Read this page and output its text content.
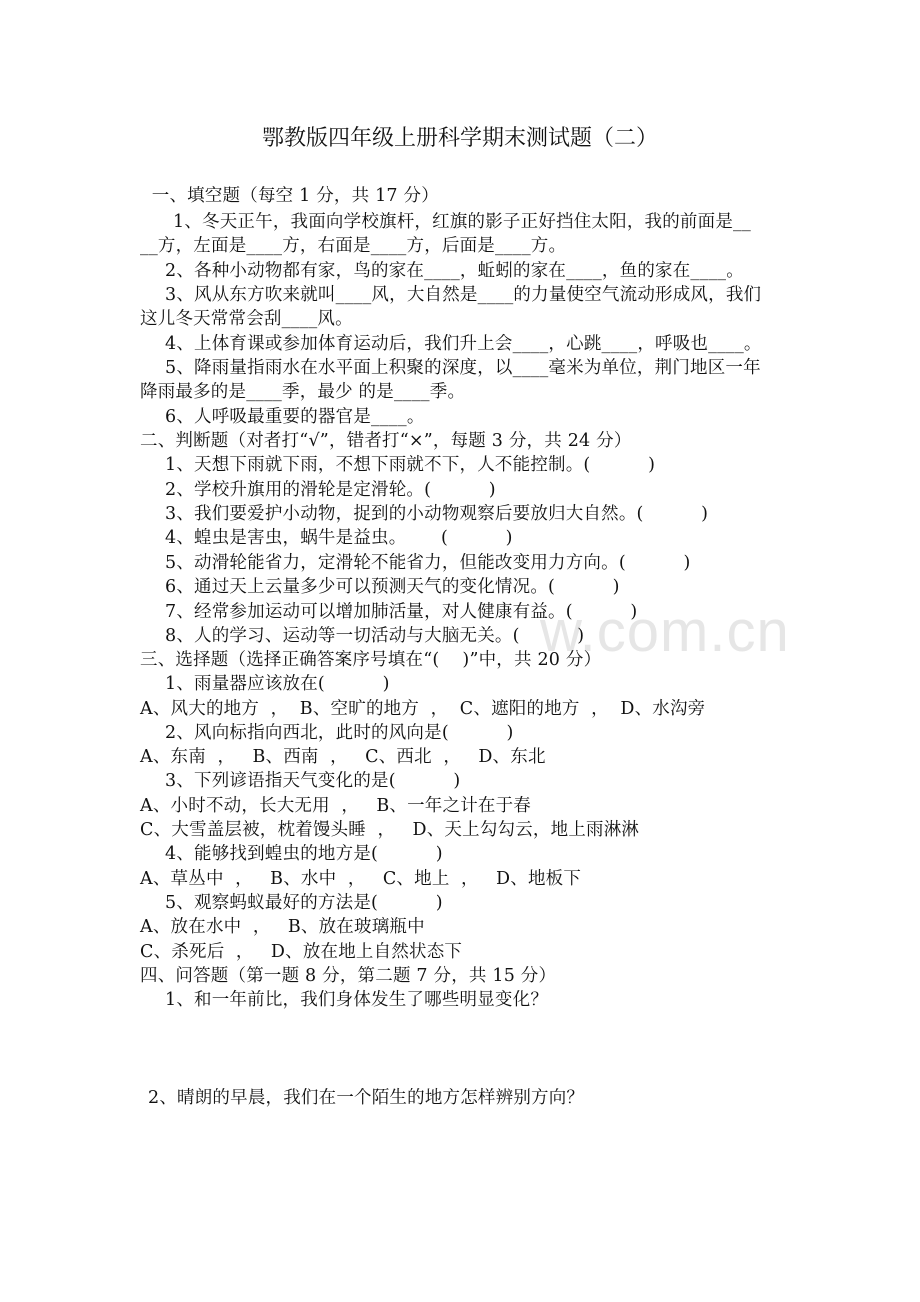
w.com.cn
鄂教版四年级上册科学期末测试题（二）
一、填空题（每空 1 分，共 17 分）
1、冬天正午，我面向学校旗杆，红旗的影子正好挡住太阳，我的前面是__
__方，左面是____方，右面是____方，后面是____方。
2、各种小动物都有家，鸟的家在____，蚯蚓的家在____，鱼的家在____。
3、风从东方吹来就叫____风，大自然是____的力量使空气流动形成风，我们
这儿冬天常常会刮____风。
4、上体育课或参加体育运动后，我们升上会____，心跳____，呼吸也____。
5、降雨量指雨水在水平面上积聚的深度，以____毫米为单位，荆门地区一年
降雨最多的是____季，最少 的是____季。
6、人呼吸最重要的器官是____。
二、判断题（对者打“√”，错者打“×”，每题 3 分，共 24 分）
1、天想下雨就下雨，不想下雨就不下，人不能控制。(          )
2、学校升旗用的滑轮是定滑轮。(          )
3、我们要爱护小动物，捉到的小动物观察后要放归大自然。(          )
4、蝗虫是害虫，蜗牛是益虫。      (          )
5、动滑轮能省力，定滑轮不能省力，但能改变用力方向。(          )
6、通过天上云量多少可以预测天气的变化情况。(          )
7、经常参加运动可以增加肺活量，对人健康有益。(          )
8、人的学习、运动等一切活动与大脑无关。(          )
三、选择题（选择正确答案序号填在“(    )”中，共 20 分）
1、雨量器应该放在(          )
A、风大的地方  ，  B、空旷的地方  ，  C、遮阳的地方  ，  D、水沟旁
2、风向标指向西北，此时的风向是(          )
A、东南  ，   B、西南  ，   C、西北  ，   D、东北
3、下列谚语指天气变化的是(          )
A、小时不动，长大无用  ，   B、一年之计在于春
C、大雪盖层被，枕着馒头睡  ，   D、天上勾勾云，地上雨淋淋
4、能够找到蝗虫的地方是(          )
A、草丛中  ，   B、水中  ，   C、地上  ，   D、地板下
5、观察蚂蚁最好的方法是(          )
A、放在水中  ，   B、放在玻璃瓶中
C、杀死后  ，   D、放在地上自然状态下
四、问答题（第一题 8 分，第二题 7 分，共 15 分）
1、和一年前比，我们身体发生了哪些明显变化？
2、晴朗的早晨，我们在一个陌生的地方怎样辨别方向？
